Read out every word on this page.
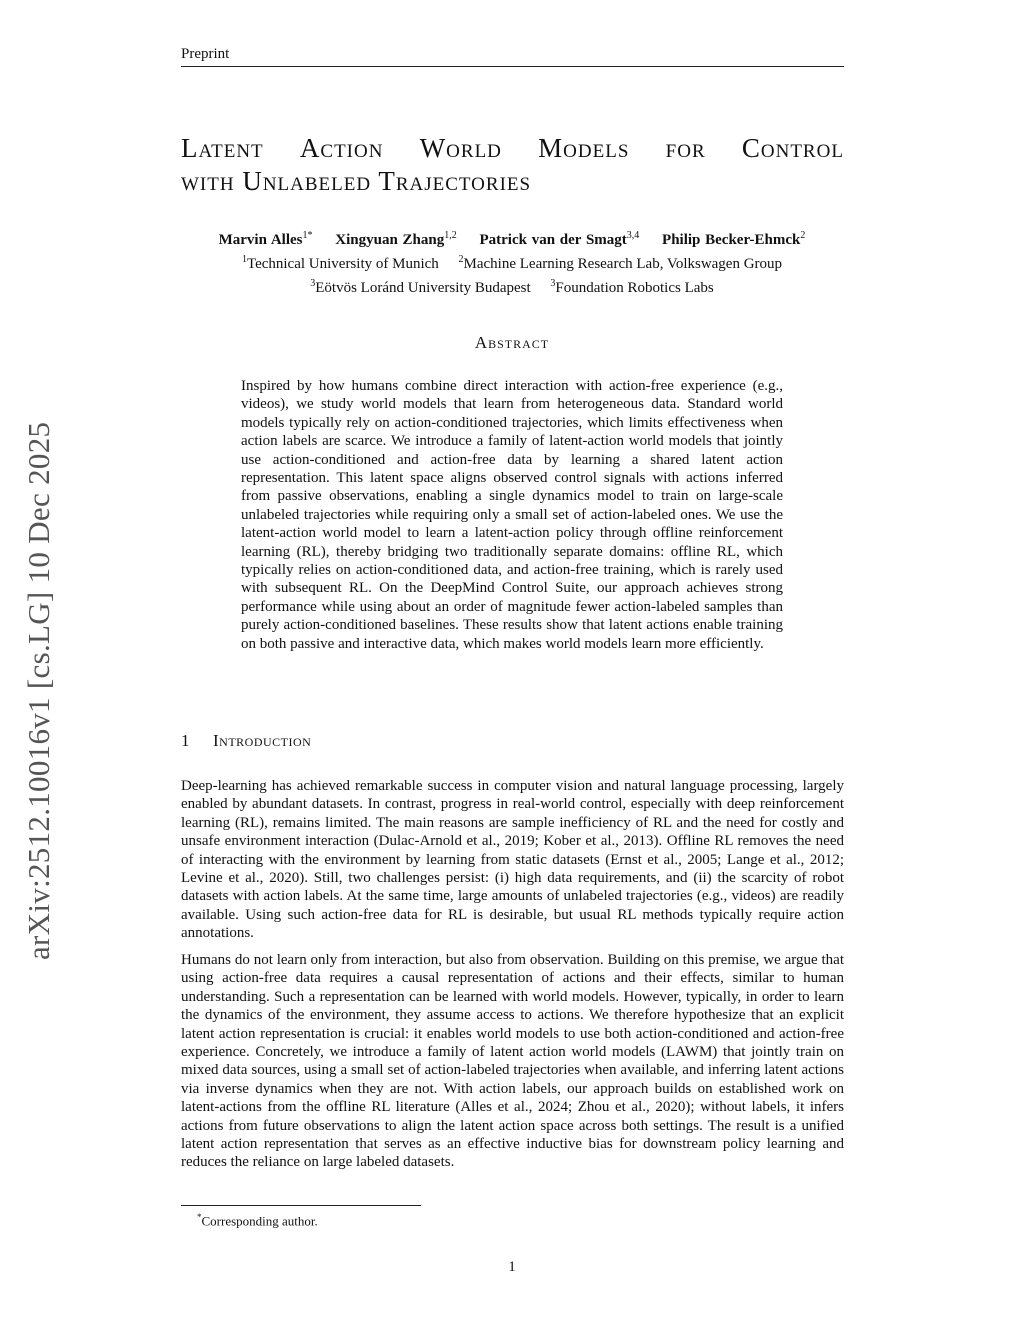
Preprint
arXiv:2512.10016v1 [cs.LG] 10 Dec 2025
Latent Action World Models for Control
with Unlabeled Trajectories
Marvin Alles$^{1*}$ Xingyuan Zhang$^{1,2}$ Patrick van der Smagt$^{3,4}$ Philip Becker-Ehmck$^2$
$^1$Technical University of Munich $^2$Machine Learning Research Lab, Volkswagen Group
$^3$Eötvös Loránd University Budapest $^3$Foundation Robotics Labs
Abstract

Inspired by how humans combine direct interaction with action-free experience (e.g., videos), we study world models that learn from heterogeneous data. Standard world models typically rely on action-conditioned trajectories, which limits effectiveness when action labels are scarce. We introduce a family of latent-action world models that jointly use action-conditioned and action-free data by learning a shared latent action representation. This latent space aligns observed control signals with actions inferred from passive observations, enabling a single dynamics model to train on large-scale unlabeled trajectories while requiring only a small set of action-labeled ones. We use the latent-action world model to learn a latent-action policy through offline reinforcement learning (RL), thereby bridging two traditionally separate domains: offline RL, which typically relies on action-conditioned data, and action-free training, which is rarely used with subsequent RL. On the DeepMind Control Suite, our approach achieves strong performance while using about an order of magnitude fewer action-labeled samples than purely action-conditioned baselines. These results show that latent actions enable training on both passive and interactive data, which makes world models learn more efficiently.

1 Introduction

Deep-learning has achieved remarkable success in computer vision and natural language processing, largely enabled by abundant datasets. In contrast, progress in real-world control, especially with deep reinforcement learning (RL), remains limited. The main reasons are sample inefficiency of RL and the need for costly and unsafe environment interaction (Dulac-Arnold et al., 2019; Kober et al., 2013). Offline RL removes the need of interacting with the environment by learning from static datasets (Ernst et al., 2005; Lange et al., 2012; Levine et al., 2020). Still, two challenges persist: (i) high data requirements, and (ii) the scarcity of robot datasets with action labels. At the same time, large amounts of unlabeled trajectories (e.g., videos) are readily available. Using such action-free data for RL is desirable, but usual RL methods typically require action annotations.

Humans do not learn only from interaction, but also from observation. Building on this premise, we argue that using action-free data requires a causal representation of actions and their effects, similar to human understanding. Such a representation can be learned with world models. However, typically, in order to learn the dynamics of the environment, they assume access to actions. We therefore hypothesize that an explicit latent action representation is crucial: it enables world models to use both action-conditioned and action-free experience. Concretely, we introduce a family of latent action world models (LAWM) that jointly train on mixed data sources, using a small set of action-labeled trajectories when available, and inferring latent actions via inverse dynamics when they are not. With action labels, our approach builds on established work on latent-actions from the offline RL literature (Alles et al., 2024; Zhou et al., 2020); without labels, it infers actions from future observations to align the latent action space across both settings. The result is a unified latent action representation that serves as an effective inductive bias for downstream policy learning and reduces the reliance on large labeled datasets.

*Corresponding author.
1
